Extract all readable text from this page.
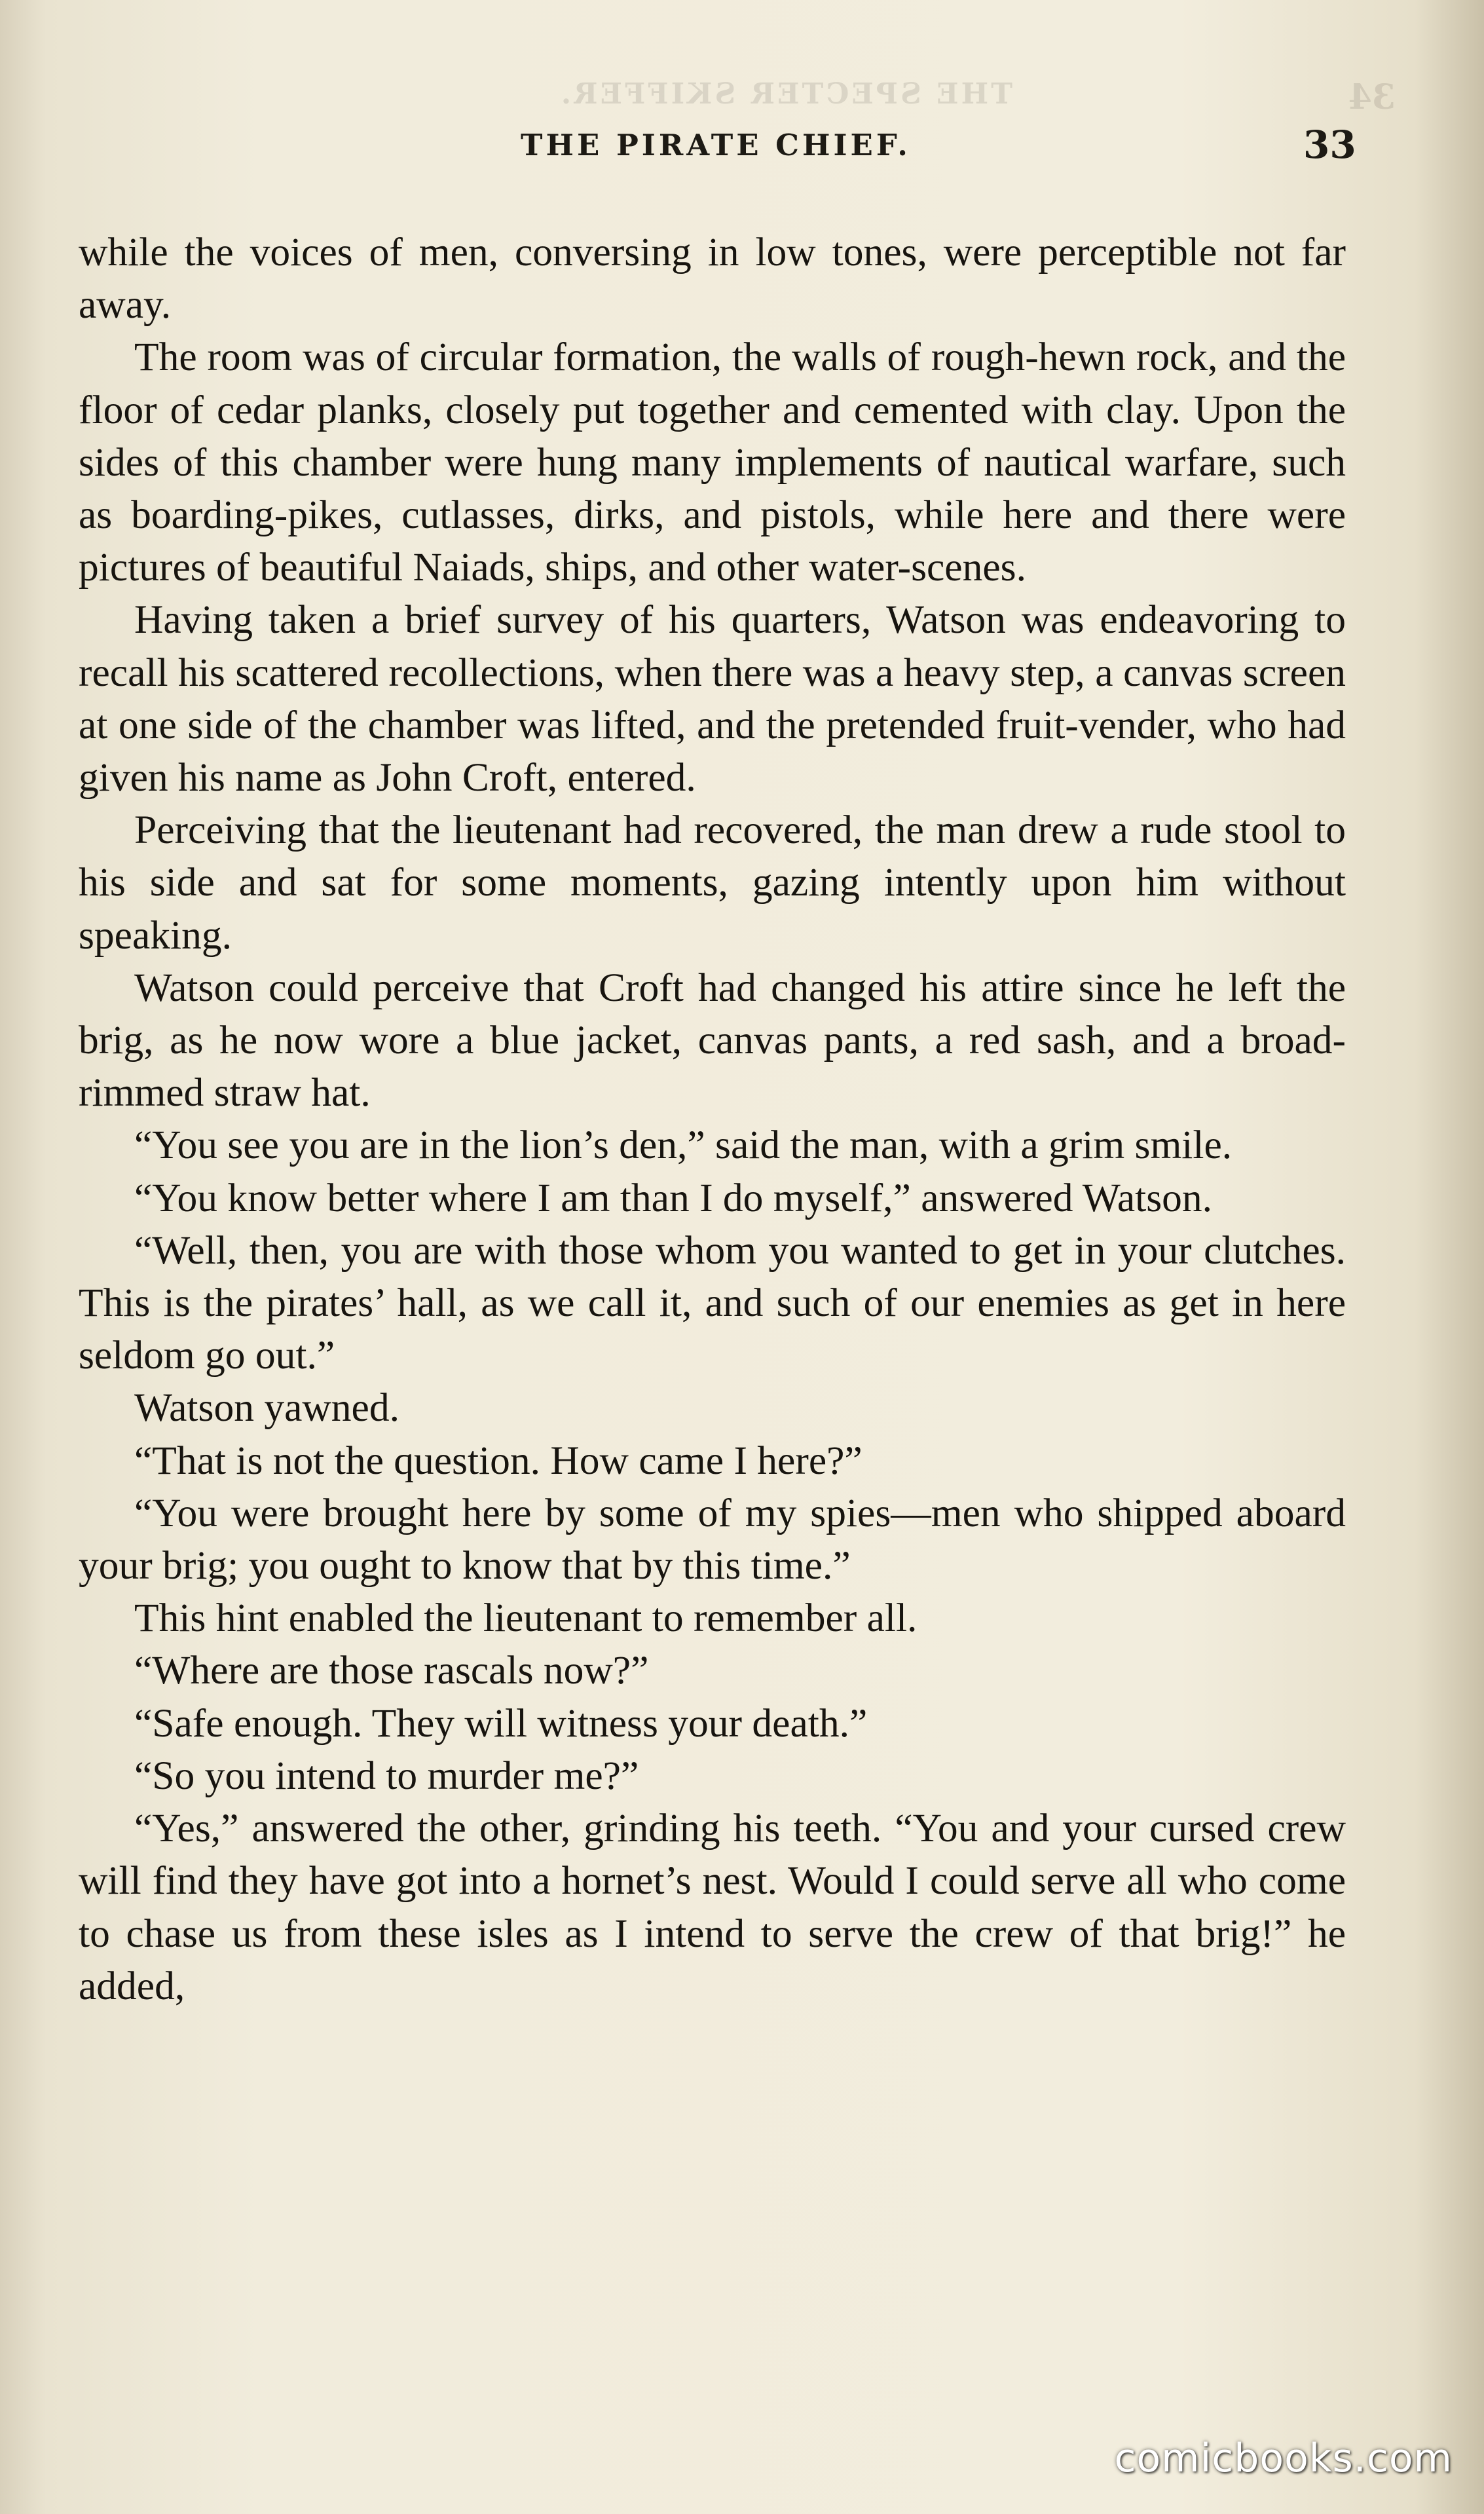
THE SPECTER SKIFFER.	34
THE PIRATE CHIEF.	33

while the voices of men, conversing in low tones, were perceptible not far away.

The room was of circular formation, the walls of rough-hewn rock, and the floor of cedar planks, closely put together and cemented with clay. Upon the sides of this chamber were hung many implements of nautical warfare, such as boarding-pikes, cutlasses, dirks, and pistols, while here and there were pictures of beautiful Naiads, ships, and other water-scenes.

Having taken a brief survey of his quarters, Watson was endeavoring to recall his scattered recollections, when there was a heavy step, a canvas screen at one side of the chamber was lifted, and the pretended fruit-vender, who had given his name as John Croft, entered.

Perceiving that the lieutenant had recovered, the man drew a rude stool to his side and sat for some moments, gazing intently upon him without speaking.

Watson could perceive that Croft had changed his attire since he left the brig, as he now wore a blue jacket, canvas pants, a red sash, and a broad-rimmed straw hat.

“You see you are in the lion’s den,” said the man, with a grim smile.

“You know better where I am than I do myself,” answered Watson.

“Well, then, you are with those whom you wanted to get in your clutches. This is the pirates’ hall, as we call it, and such of our enemies as get in here seldom go out.”

Watson yawned.

“That is not the question. How came I here?”

“You were brought here by some of my spies—men who shipped aboard your brig; you ought to know that by this time.”

This hint enabled the lieutenant to remember all.

“Where are those rascals now?”

“Safe enough. They will witness your death.”

“So you intend to murder me?”

“Yes,” answered the other, grinding his teeth. “You and your cursed crew will find they have got into a hornet’s nest. Would I could serve all who come to chase us from these isles as I intend to serve the crew of that brig!” he added,

comicbooks.com
